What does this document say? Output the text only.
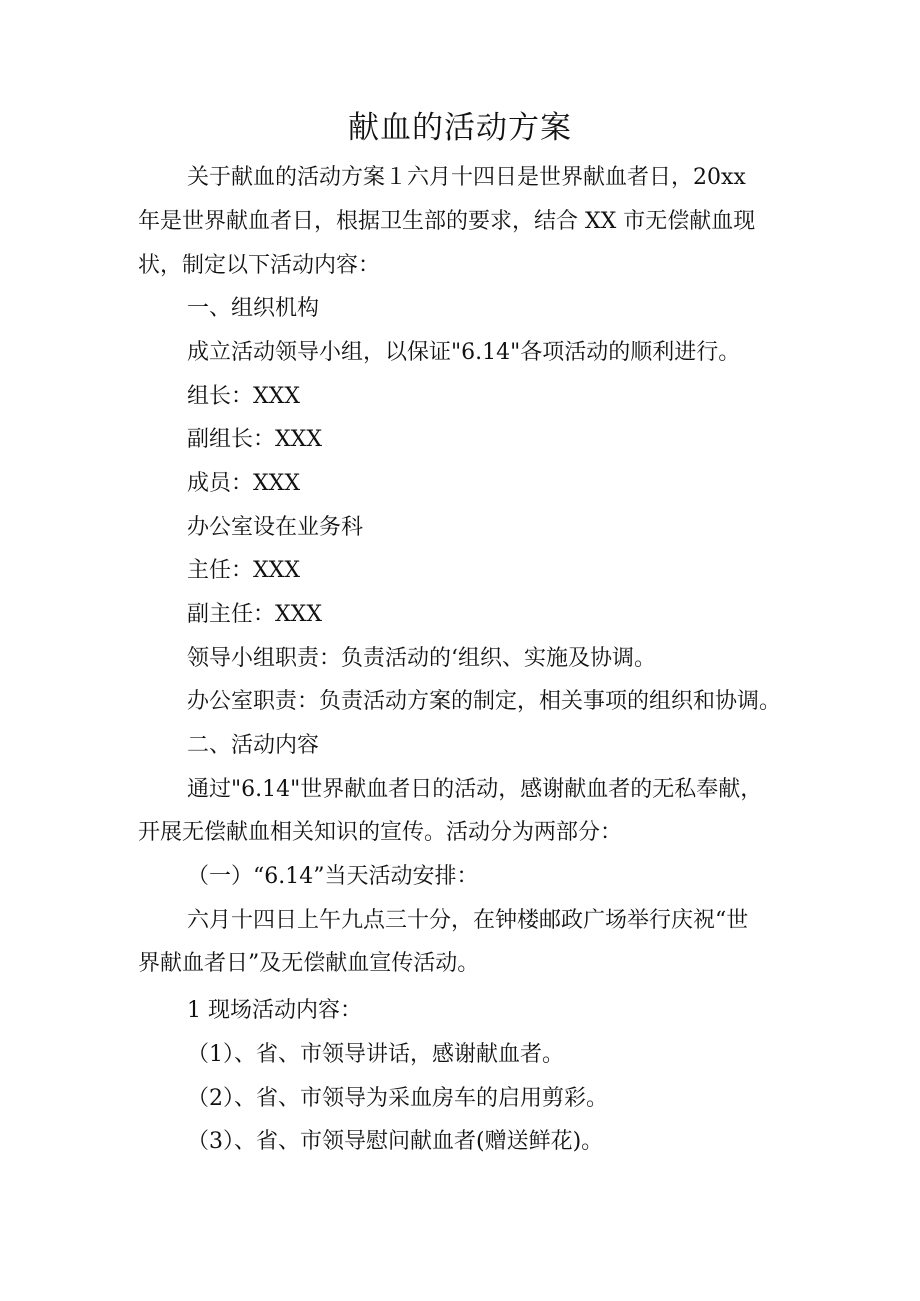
献血的活动方案
关于献血的活动方案１六月十四日是世界献血者日，20xx
年是世界献血者日，根据卫生部的要求，结合 XX 市无偿献血现
状，制定以下活动内容：
一、组织机构
成立活动领导小组，以保证"6.14"各项活动的顺利进行。
组长：XXX
副组长：XXX
成员：XXX
办公室设在业务科
主任：XXX
副主任：XXX
领导小组职责：负责活动的‘组织、实施及协调。
办公室职责：负责活动方案的制定，相关事项的组织和协调。
二、活动内容
通过"6.14"世界献血者日的活动，感谢献血者的无私奉献，
开展无偿献血相关知识的宣传。活动分为两部分：
（一）“6.14”当天活动安排：
六月十四日上午九点三十分，在钟楼邮政广场举行庆祝“世
界献血者日”及无偿献血宣传活动。
1 现场活动内容：
（1）、省、市领导讲话，感谢献血者。
（2）、省、市领导为采血房车的启用剪彩。
（3）、省、市领导慰问献血者(赠送鲜花)。
